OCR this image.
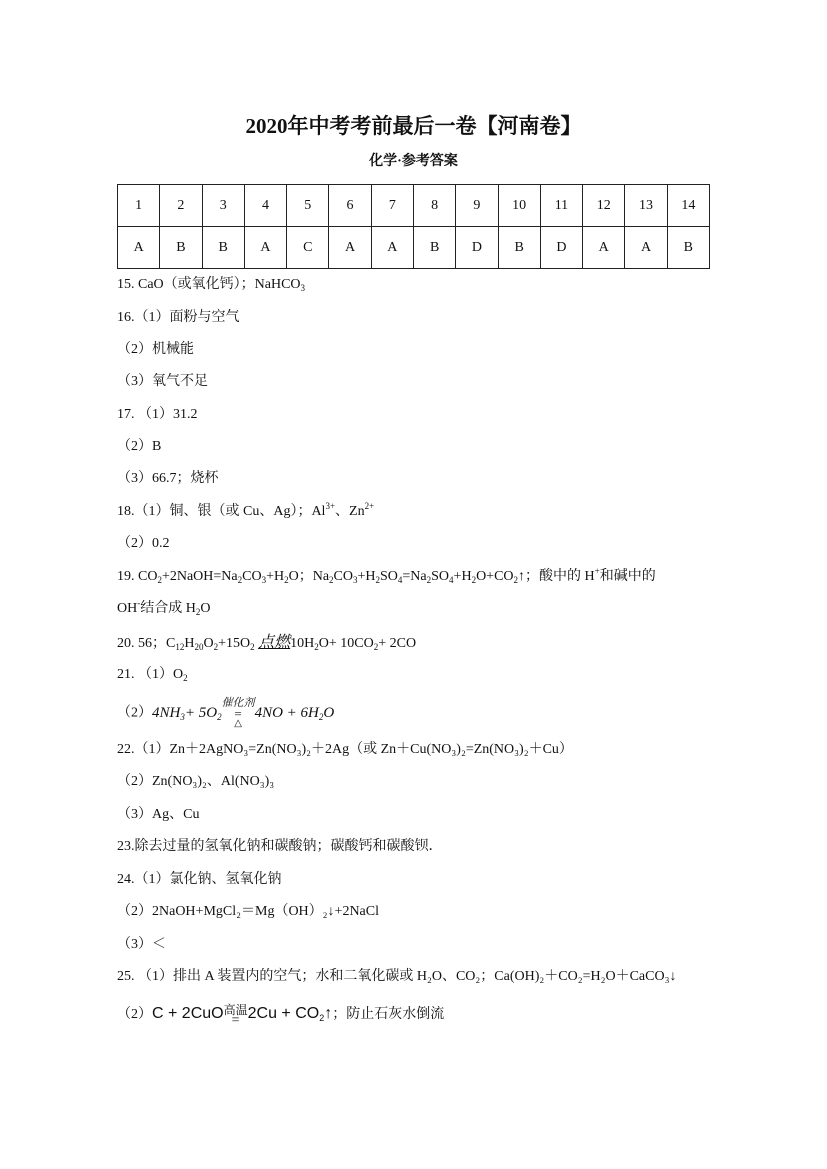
2020年中考考前最后一卷【河南卷】
化学·参考答案
1	2	3	4	5	6	7	8	9	10	11	12	13	14
A	B	B	A	C	A	A	B	D	B	D	A	A	B
15. CaO（或氧化钙）；NaHCO$_3$
16.（1）面粉与空气
（2）机械能
（3）氧气不足
17. （1）31.2
（2）B
（3）66.7；烧杯
18.（1）铜、银（或 Cu、Ag）；$Al^{3+}$、$Zn^{2+}$
（2）0.2
19. $CO_2+2NaOH=Na_2CO_3+H_2O$；$Na_2CO_3+H_2SO_4=Na_2SO_4+H_2O+CO_2↑$；酸中的 H+和碱中的
OH-结合成 $H_2O$
20. 56；$C_{12}H_{20}O_2+15O_2$ 点燃$10H_2O+ 10CO_2+ 2CO$
21. $(1)O_2$
$(2)4NH_3+ 5O_2$
催化剂
=
△
$4NO + 6H_2O$
22.（1）Zn＋2AgNO₃=Zn(NO₃)₂＋2Ag（或 Zn＋Cu(NO₃)₂=Zn(NO₃)₂＋Cu）
（2）Zn(NO₃)₂、Al(NO₃)₃
（3）Ag、Cu
23.除去过量的氢氧化钠和碳酸钠；碳酸钙和碳酸钡．
24.（1）氯化钠、氢氧化钠
（2）2NaOH+MgCl₂＝Mg（OH）₂↓+2NaCl
（3）＜
25. （1）排出 A 装置内的空气；水和二氧化碳或 H₂O、CO₂；Ca(OH)₂＋CO₂=H₂O＋CaCO₃↓
（2）C + 2CuO 高温
= $2Cu + CO_2↑$；防止石灰水倒流
